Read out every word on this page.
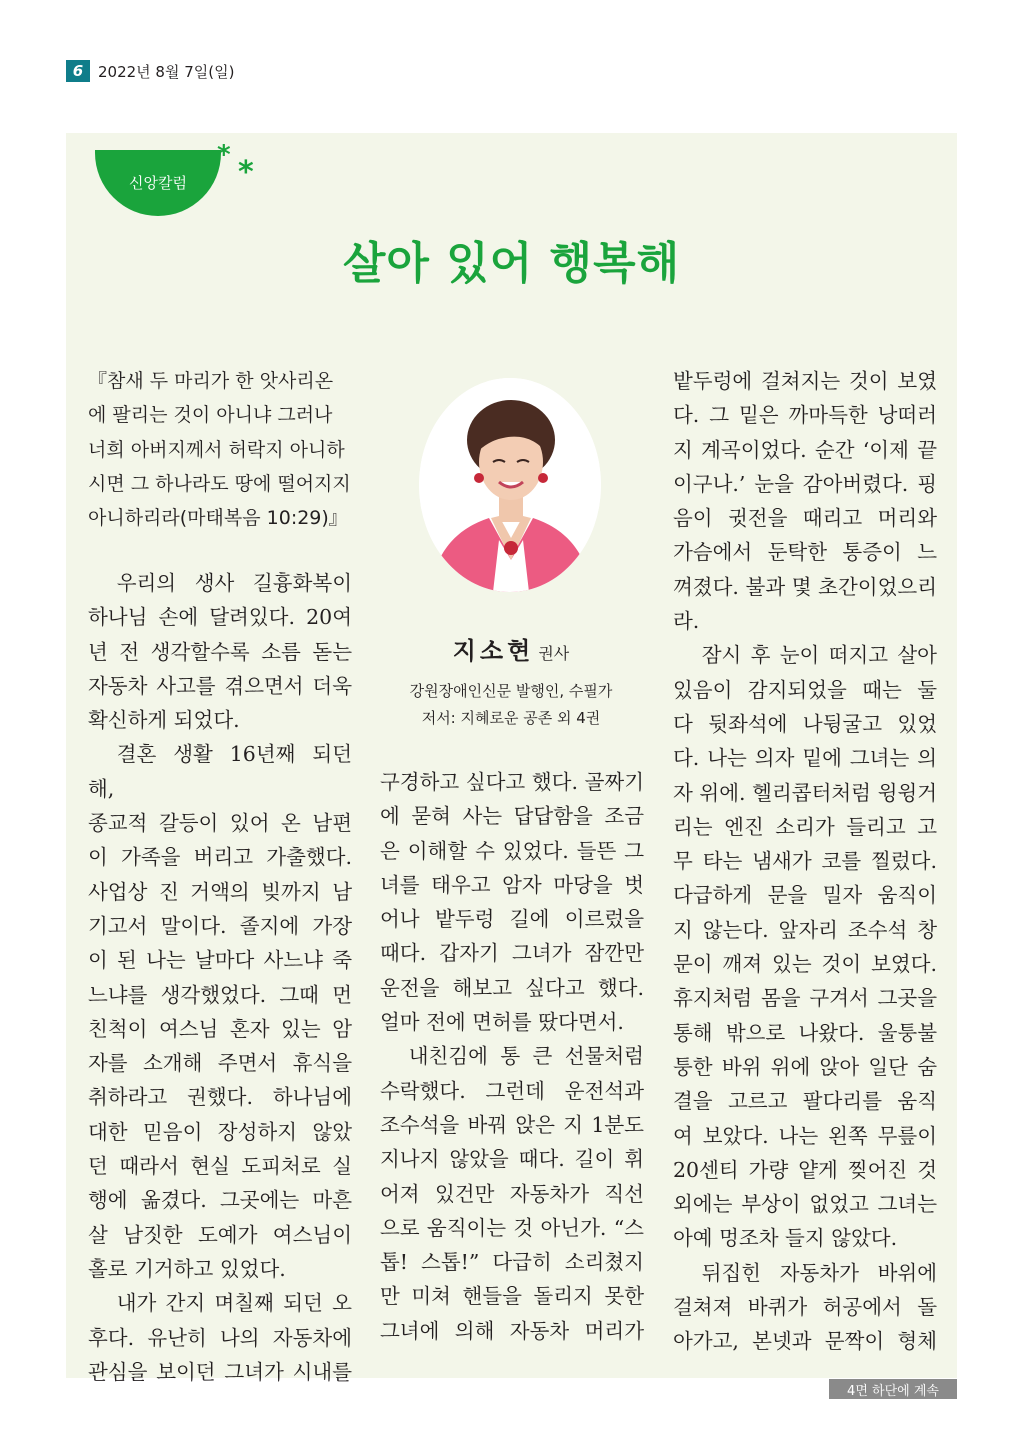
6 2022년 8월 7일(일)
신앙칼럼
* *
살아 있어 행복해

『참새 두 마리가 한 앗사리온

에 팔리는 것이 아니냐 그러나

너희 아버지께서 허락지 아니하

시면 그 하나라도 땅에 떨어지지

아니하리라(마태복음 10:29)』

지소현 권사
강원장애인신문 발행인, 수필가
저서: 지혜로운 공존 외 4권

우리의 생사 길흉화복이

하나님 손에 달려있다. 20여

년 전 생각할수록 소름 돋는

자동차 사고를 겪으면서 더욱

확신하게 되었다.

결혼 생활 16년째 되던 해,

종교적 갈등이 있어 온 남편

이 가족을 버리고 가출했다.

사업상 진 거액의 빚까지 남

기고서 말이다. 졸지에 가장

이 된 나는 날마다 사느냐 죽

느냐를 생각했었다. 그때 먼

친척이 여스님 혼자 있는 암

자를 소개해 주면서 휴식을

취하라고 권했다. 하나님에

대한 믿음이 장성하지 않았

던 때라서 현실 도피처로 실

행에 옮겼다. 그곳에는 마흔

살 남짓한 도예가 여스님이

홀로 기거하고 있었다.

내가 간지 며칠째 되던 오

후다. 유난히 나의 자동차에

관심을 보이던 그녀가 시내를

구경하고 싶다고 했다. 골짜기

에 묻혀 사는 답답함을 조금

은 이해할 수 있었다. 들뜬 그

녀를 태우고 암자 마당을 벗

어나 밭두렁 길에 이르렀을

때다. 갑자기 그녀가 잠깐만

운전을 해보고 싶다고 했다.

얼마 전에 면허를 땄다면서.

내친김에 통 큰 선물처럼

수락했다. 그런데 운전석과

조수석을 바꿔 앉은 지 1분도

지나지 않았을 때다. 길이 휘

어져 있건만 자동차가 직선

으로 움직이는 것 아닌가. “스

톱! 스톱!” 다급히 소리쳤지

만 미쳐 핸들을 돌리지 못한

그녀에 의해 자동차 머리가

밭두렁에 걸쳐지는 것이 보였

다. 그 밑은 까마득한 낭떠러

지 계곡이었다. 순간 ‘이제 끝

이구나.’ 눈을 감아버렸다. 핑

음이 귓전을 때리고 머리와

가슴에서 둔탁한 통증이 느

껴졌다. 불과 몇 초간이었으리

라.

잠시 후 눈이 떠지고 살아

있음이 감지되었을 때는 둘

다 뒷좌석에 나뒹굴고 있었

다. 나는 의자 밑에 그녀는 의

자 위에. 헬리콥터처럼 윙윙거

리는 엔진 소리가 들리고 고

무 타는 냄새가 코를 찔렀다.

다급하게 문을 밀자 움직이

지 않는다. 앞자리 조수석 창

문이 깨져 있는 것이 보였다.

휴지처럼 몸을 구겨서 그곳을

통해 밖으로 나왔다. 울퉁불

퉁한 바위 위에 앉아 일단 숨

결을 고르고 팔다리를 움직

여 보았다. 나는 왼쪽 무릎이

20센티 가량 얕게 찢어진 것

외에는 부상이 없었고 그녀는

아예 멍조차 들지 않았다.

뒤집힌 자동차가 바위에

걸쳐져 바퀴가 허공에서 돌

아가고, 본넷과 문짝이 형체

4면 하단에 계속
